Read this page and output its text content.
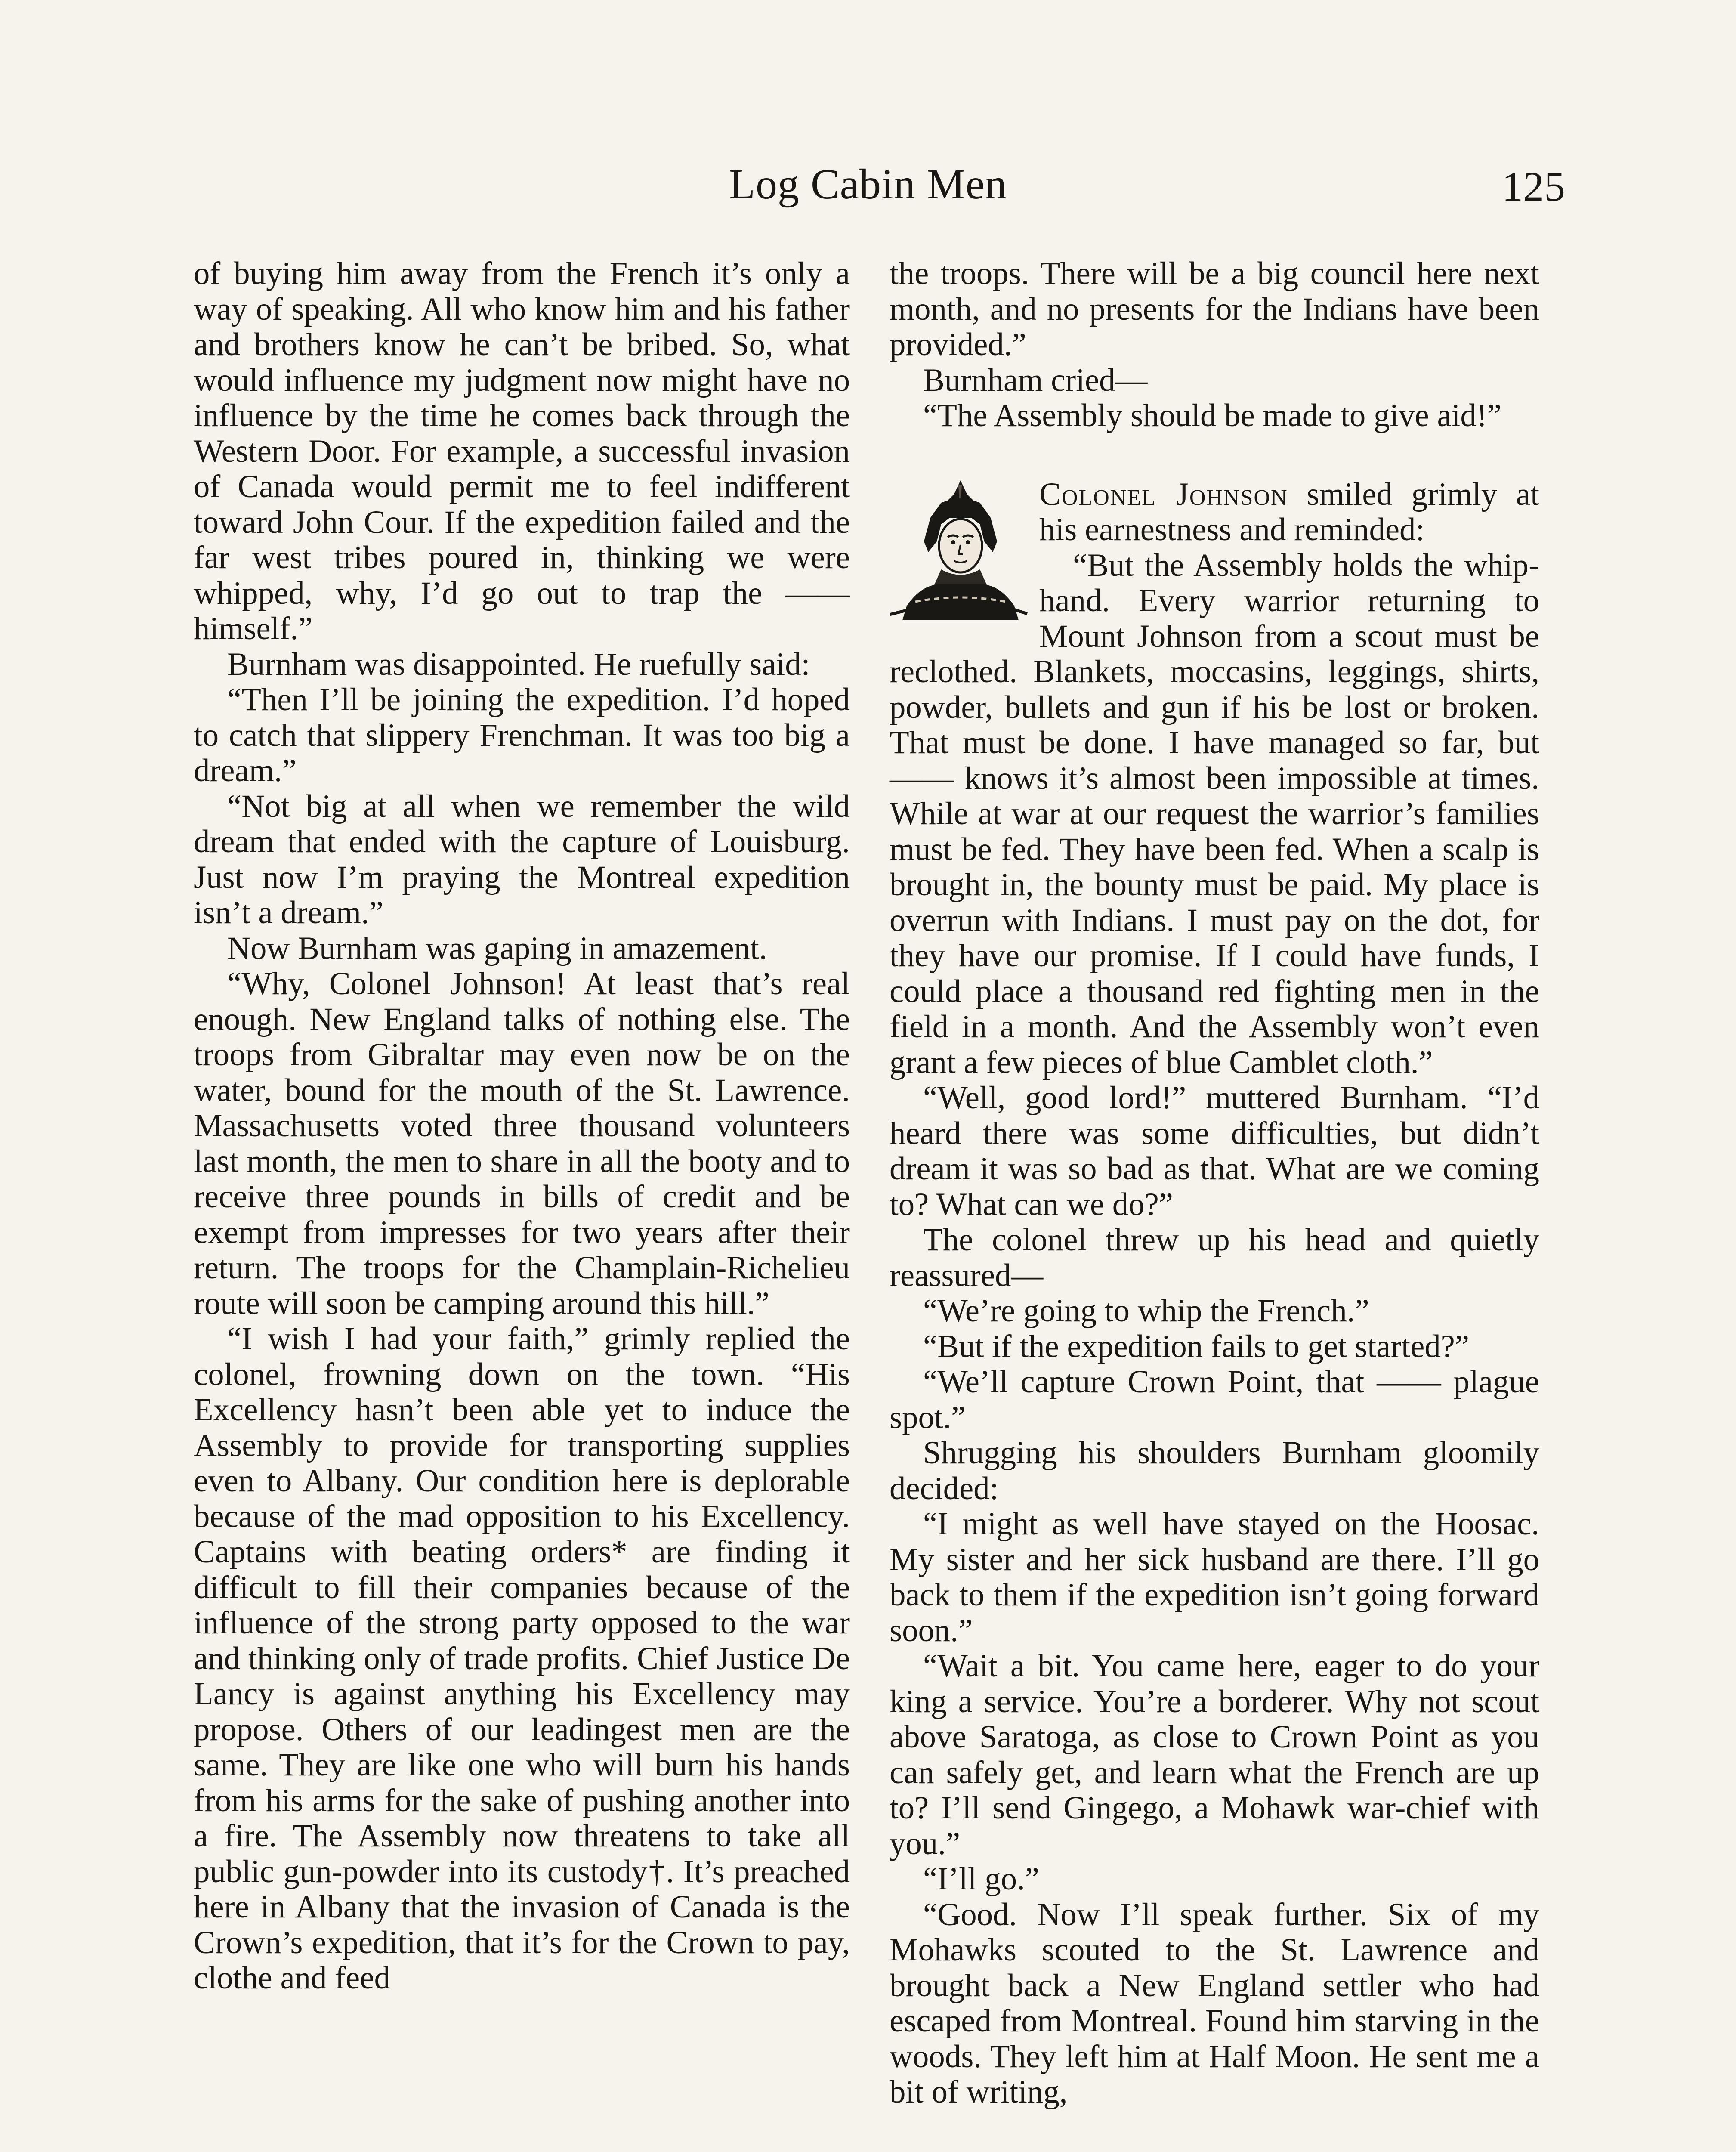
Log Cabin Men	125

of buying him away from the French it’s only a way of speaking. All who know him and his father and brothers know he can’t be bribed. So, what would influence my judgment now might have no influence by the time he comes back through the Western Door. For example, a successful invasion of Canada would permit me to feel indifferent toward John Cour. If the expedition failed and the far west tribes poured in, thinking we were whipped, why, I’d go out to trap the —— himself.”

Burnham was disappointed. He ruefully said:

“Then I’ll be joining the expedition. I’d hoped to catch that slippery Frenchman. It was too big a dream.”

“Not big at all when we remember the wild dream that ended with the capture of Louisburg. Just now I’m praying the Montreal expedition isn’t a dream.”

Now Burnham was gaping in amazement.

“Why, Colonel Johnson! At least that’s real enough. New England talks of nothing else. The troops from Gibraltar may even now be on the water, bound for the mouth of the St. Lawrence. Massachusetts voted three thousand volunteers last month, the men to share in all the booty and to receive three pounds in bills of credit and be exempt from impresses for two years after their return. The troops for the Champlain-Richelieu route will soon be camping around this hill.”

“I wish I had your faith,” grimly replied the colonel, frowning down on the town. “His Excellency hasn’t been able yet to induce the Assembly to provide for transporting supplies even to Albany. Our condition here is deplorable because of the mad opposition to his Excellency. Captains with beating orders* are finding it difficult to fill their companies because of the influence of the strong party opposed to the war and thinking only of trade profits. Chief Justice De Lancy is against anything his Excellency may propose. Others of our leadingest men are the same. They are like one who will burn his hands from his arms for the sake of pushing another into a fire. The Assembly now threatens to take all public gun-powder into its custody†. It’s preached here in Albany that the invasion of Canada is the Crown’s expedition, that it’s for the Crown to pay, clothe and feed

the troops. There will be a big council here next month, and no presents for the Indians have been provided.”

Burnham cried—

“The Assembly should be made to give aid!”

Colonel Johnson smiled grimly at his earnestness and reminded:

“But the Assembly holds the whip-hand. Every warrior returning to Mount Johnson from a scout must be reclothed. Blankets, moccasins, leggings, shirts, powder, bullets and gun if his be lost or broken. That must be done. I have managed so far, but —— knows it’s almost been impossible at times. While at war at our request the warrior’s families must be fed. They have been fed. When a scalp is brought in, the bounty must be paid. My place is overrun with Indians. I must pay on the dot, for they have our promise. If I could have funds, I could place a thousand red fighting men in the field in a month. And the Assembly won’t even grant a few pieces of blue Camblet cloth.”

“Well, good lord!” muttered Burnham. “I’d heard there was some difficulties, but didn’t dream it was so bad as that. What are we coming to? What can we do?”

The colonel threw up his head and quietly reassured—

“We’re going to whip the French.”

“But if the expedition fails to get started?”

“We’ll capture Crown Point, that —— plague spot.”

Shrugging his shoulders Burnham gloomily decided:

“I might as well have stayed on the Hoosac. My sister and her sick husband are there. I’ll go back to them if the expedition isn’t going forward soon.”

“Wait a bit. You came here, eager to do your king a service. You’re a borderer. Why not scout above Saratoga, as close to Crown Point as you can safely get, and learn what the French are up to? I’ll send Gingego, a Mohawk war-chief with you.”

“I’ll go.”

“Good. Now I’ll speak further. Six of my Mohawks scouted to the St. Lawrence and brought back a New England settler who had escaped from Montreal. Found him starving in the woods. They left him at Half Moon. He sent me a bit of writing,
